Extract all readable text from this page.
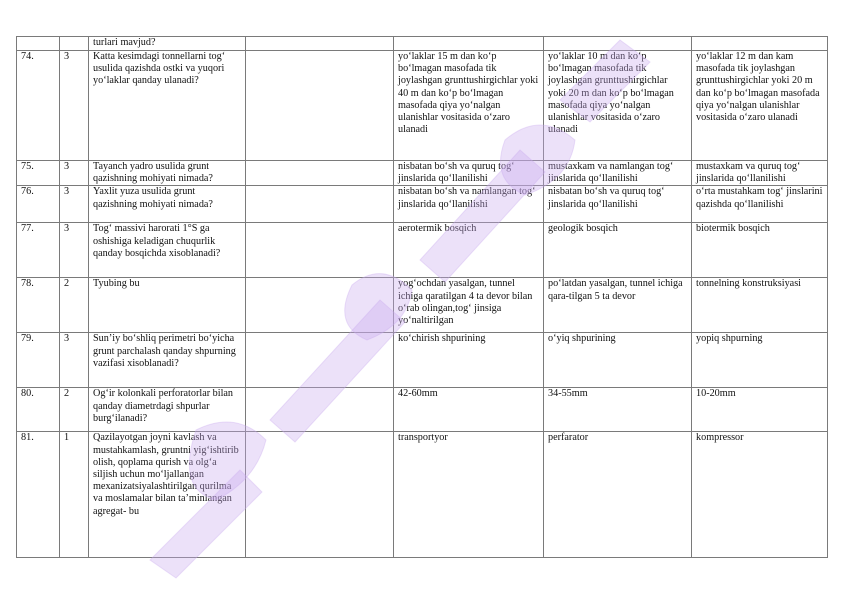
		turlari mavjud?				
74.	3	Katta kesimdagi tonnellarni tog‘ usulida qazishda ostki va yuqori yo‘laklar qanday ulanadi?		yo‘laklar 15 m dan ko‘p bo‘lmagan masofada tik joylashgan grunttushirgichlar yoki 40 m dan ko‘p bo‘lmagan masofada qiya yo‘nalgan ulanishlar vositasida o‘zaro ulanadi	yo‘laklar 10 m dan ko‘p bo‘lmagan masofada tik joylashgan grunttushirgichlar yoki 20 m dan ko‘p bo‘lmagan masofada qiya yo‘nalgan ulanishlar vositasida o‘zaro ulanadi	yo‘laklar 12 m dan kam masofada tik joylashgan grunttushirgichlar yoki 20 m dan ko‘p bo‘lmagan masofada qiya yo‘nalgan ulanishlar vositasida o‘zaro ulanadi
75.	3	Tayanch yadro usulida grunt qazishning mohiyati nimada?		nisbatan bo‘sh va quruq tog‘ jinslarida qo‘llanilishi	mustaxkam va namlangan tog‘ jinslarida qo‘llanilishi	mustaxkam va quruq tog‘ jinslarida qo‘llanilishi
76.	3	Yaxlit yuza usulida grunt qazishning mohiyati nimada?		nisbatan bo‘sh va namlangan tog‘ jinslarida qo‘llanilishi	nisbatan bo‘sh va quruq tog‘ jinslarida qo‘llanilishi	o‘rta mustahkam tog‘ jinslarini qazishda qo‘llanilishi
77.	3	Tog‘ massivi harorati 1°S ga oshishiga keladigan chuqurlik qanday bosqichda xisoblanadi?		aerotermik bosqich	geologik bosqich	biotermik bosqich
78.	2	Tyubing bu		yog‘ochdan yasalgan, tunnel ichiga qaratilgan 4 ta devor bilan o‘rab olingan,tog‘ jinsiga yo‘naltirilgan	po‘latdan yasalgan, tunnel ichiga qara-tilgan 5 ta devor	tonnelning konstruksiyasi
79.	3	Sun’iy bo‘shliq perimetri bo‘yicha grunt parchalash qanday shpurning vazifasi xisoblanadi?		ko‘chirish shpurining	o‘yiq shpurining	yopiq shpurning
80.	2	Og‘ir kolonkali perforatorlar bilan qanday diametrdagi shpurlar burg‘ilanadi?		42-60mm	34-55mm	10-20mm
81.	1	Qazilayotgan joyni kavlash va mustahkamlash, gruntni yig‘ishtirib olish, qoplama qurish va olg‘a siljish uchun mo‘ljallangan mexanizatsiyalashtirilgan qurilma va moslamalar bilan ta’minlangan agregat- bu		transportyor	perfarator	kompressor
